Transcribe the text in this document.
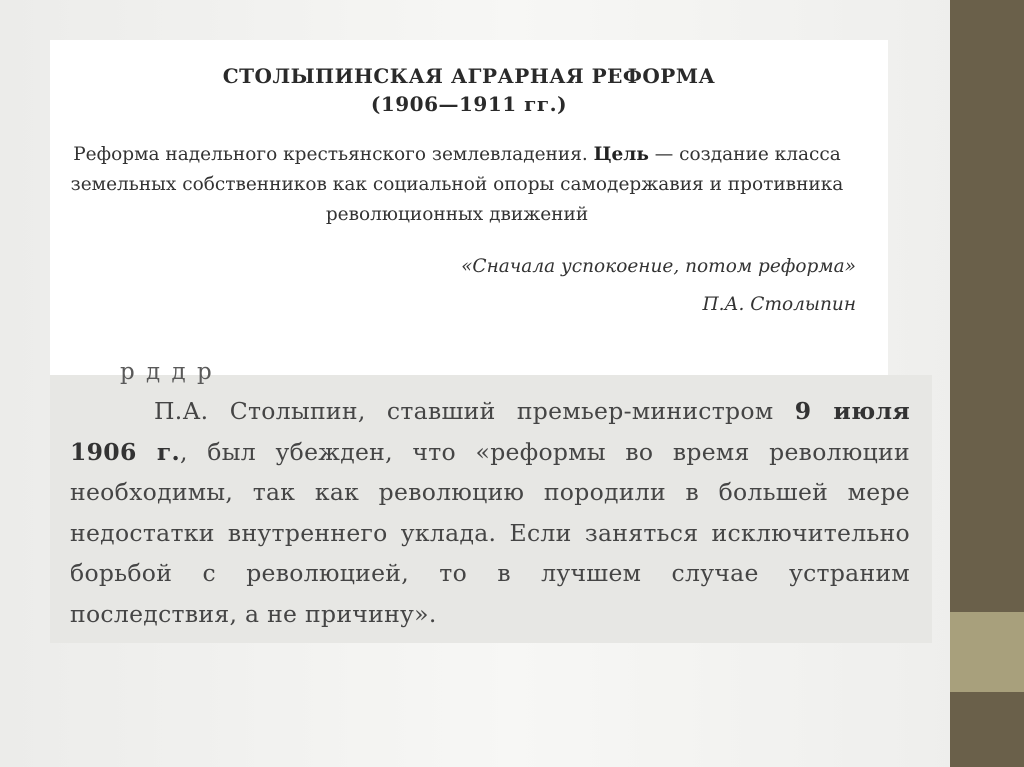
СТОЛЫПИНСКАЯ АГРАРНАЯ РЕФОРМА
(1906—1911 гг.)
Реформа надельного крестьянского землевладения. Цель — создание класса земельных собственников как социальной опоры самодержавия и противника революционных движений
«Сначала успокоение, потом реформа»
П.А. Столыпин
р д д р
П.А. Столыпин, ставший премьер-министром 9 июля 1906 г., был убежден, что «реформы во время революции необходимы, так как революцию породили в большей мере недостатки внутреннего уклада. Если заняться исключительно борьбой с революцией, то в лучшем случае устраним последствия, а не причину».
